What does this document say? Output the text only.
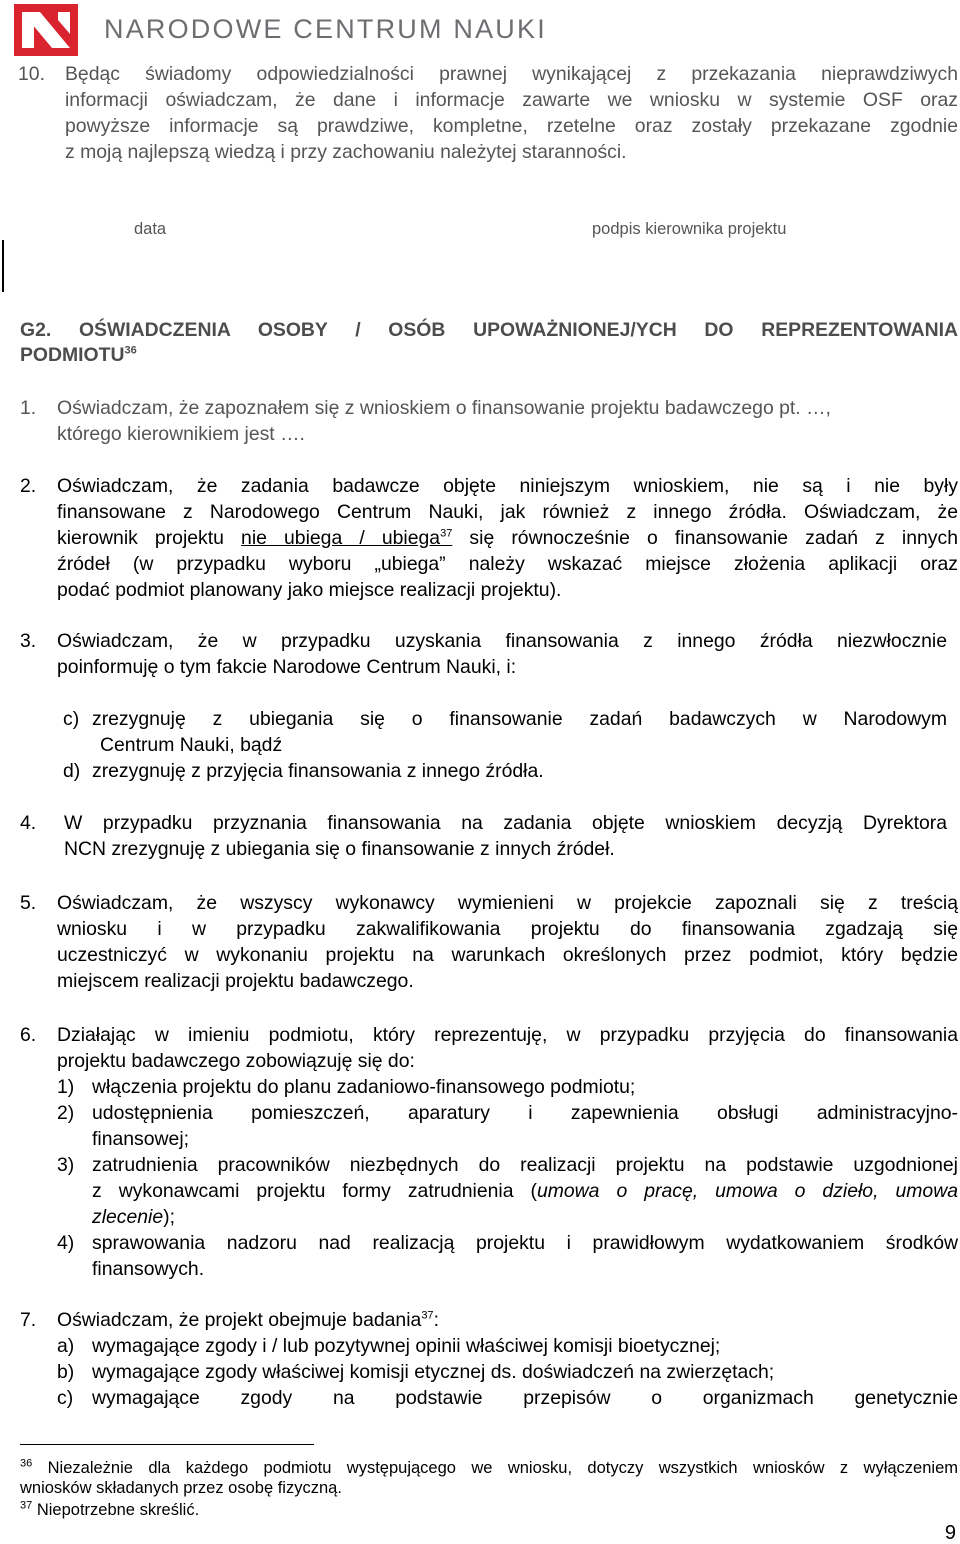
NARODOWE CENTRUM NAUKI
10. Będąc świadomy odpowiedzialności prawnej wynikającej z przekazania nieprawdziwych
informacji oświadczam, że dane i informacje zawarte we wniosku w systemie OSF oraz
powyższe informacje są prawdziwe, kompletne, rzetelne oraz zostały przekazane zgodnie
z moją najlepszą wiedzą i przy zachowaniu należytej staranności.
data	podpis kierownika projektu
G2. OŚWIADCZENIA OSOBY / OSÓB UPOWAŻNIONEJ/YCH DO REPREZENTOWANIA
PODMIOTU$^{36}$
1. Oświadczam, że zapoznałem się z wnioskiem o finansowanie projektu badawczego pt. …,
którego kierownikiem jest ….
2. Oświadczam, że zadania badawcze objęte niniejszym wnioskiem, nie są i nie były
finansowane z Narodowego Centrum Nauki, jak również z innego źródła. Oświadczam, że
kierownik projektu nie ubiega / ubiega$^{37}$ się równocześnie o finansowanie zadań z innych
źródeł (w przypadku wyboru „ubiega” należy wskazać miejsce złożenia aplikacji oraz
podać podmiot planowany jako miejsce realizacji projektu).
3. Oświadczam, że w przypadku uzyskania finansowania z innego źródła niezwłocznie
poinformuję o tym fakcie Narodowe Centrum Nauki, i:
c) zrezygnuję z ubiegania się o finansowanie zadań badawczych w Narodowym
Centrum Nauki, bądź
d) zrezygnuję z przyjęcia finansowania z innego źródła.
4. W przypadku przyznania finansowania na zadania objęte wnioskiem decyzją Dyrektora
NCN zrezygnuję z ubiegania się o finansowanie z innych źródeł.
5. Oświadczam, że wszyscy wykonawcy wymienieni w projekcie zapoznali się z treścią
wniosku i w przypadku zakwalifikowania projektu do finansowania zgadzają się
uczestniczyć w wykonaniu projektu na warunkach określonych przez podmiot, który będzie
miejscem realizacji projektu badawczego.
6. Działając w imieniu podmiotu, który reprezentuję, w przypadku przyjęcia do finansowania
projektu badawczego zobowiązuję się do:
1) włączenia projektu do planu zadaniowo-finansowego podmiotu;
2) udostępnienia pomieszczeń, aparatury i zapewnienia obsługi administracyjno-
finansowej;
3) zatrudnienia pracowników niezbędnych do realizacji projektu na podstawie uzgodnionej
z wykonawcami projektu formy zatrudnienia (umowa o pracę, umowa o dzieło, umowa
zlecenie);
4) sprawowania nadzoru nad realizacją projektu i prawidłowym wydatkowaniem środków
finansowych.
7. Oświadczam, że projekt obejmuje badania$^{37}$:
a) wymagające zgody i / lub pozytywnej opinii właściwej komisji bioetycznej;
b) wymagające zgody właściwej komisji etycznej ds. doświadczeń na zwierzętach;
c) wymagające zgody na podstawie przepisów o organizmach genetycznie
$^{36}$ Niezależnie dla każdego podmiotu występującego we wniosku, dotyczy wszystkich wniosków z wyłączeniem
wniosków składanych przez osobę fizyczną.
$^{37}$ Niepotrzebne skreślić.
9
